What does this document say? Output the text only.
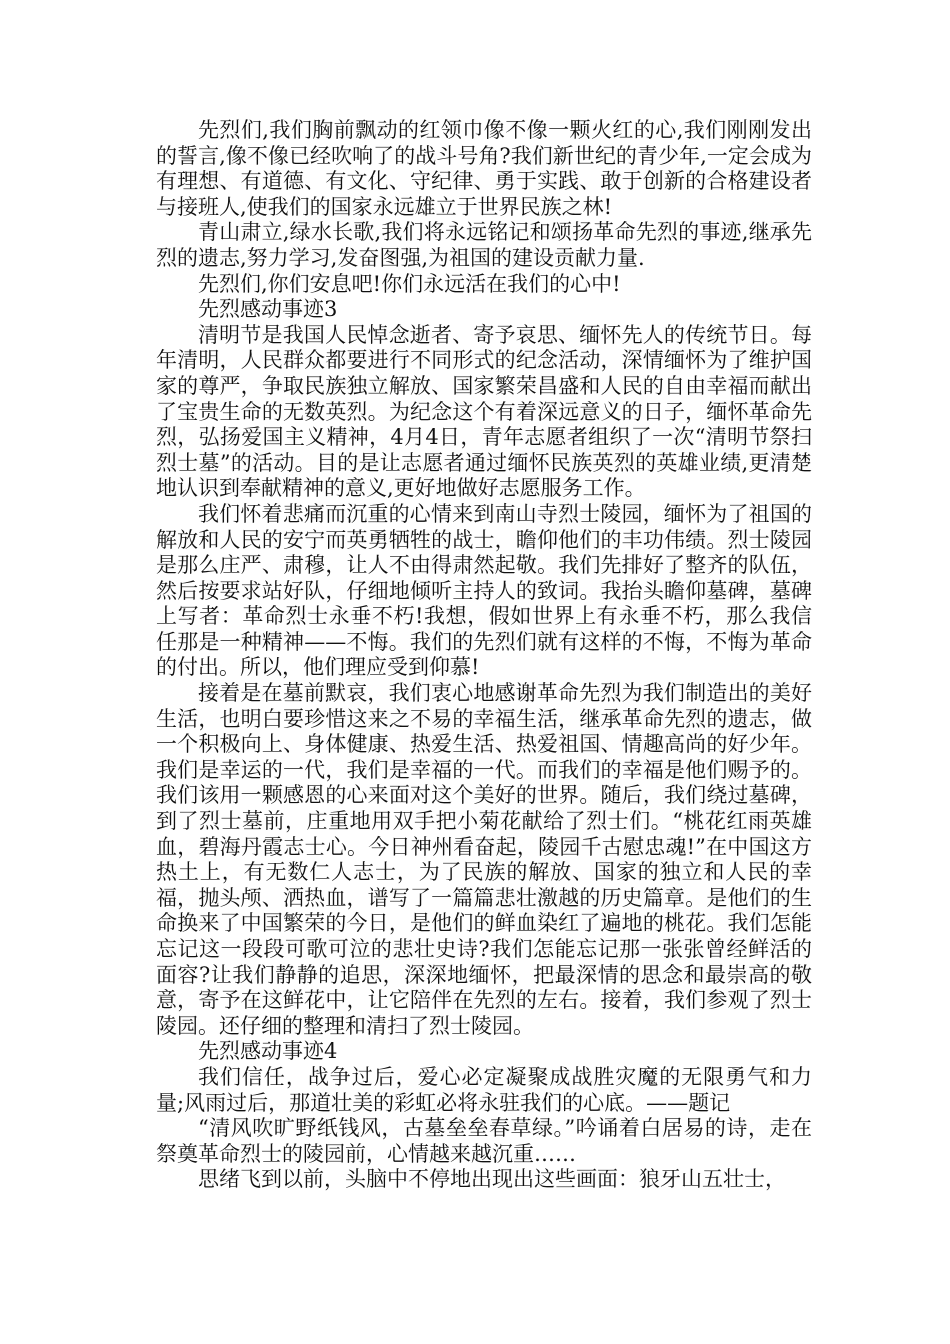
先烈们,我们胸前飘动的红领巾像不像一颗火红的心,我们刚刚发出的誓言,像不像已经吹响了的战斗号角?我们新世纪的青少年,一定会成为有理想、有道德、有文化、守纪律、勇于实践、敢于创新的合格建设者与接班人,使我们的国家永远雄立于世界民族之林!

青山肃立,绿水长歌,我们将永远铭记和颂扬革命先烈的事迹,继承先烈的遗志,努力学习,发奋图强,为祖国的建设贡献力量.

先烈们,你们安息吧!你们永远活在我们的心中!

先烈感动事迹3

清明节是我国人民悼念逝者、寄予哀思、缅怀先人的传统节日。每年清明，人民群众都要进行不同形式的纪念活动，深情缅怀为了维护国家的尊严，争取民族独立解放、国家繁荣昌盛和人民的自由幸福而献出了宝贵生命的无数英烈。为纪念这个有着深远意义的日子，缅怀革命先烈，弘扬爱国主义精神，4月4日，青年志愿者组织了一次“清明节祭扫烈士墓”的活动。目的是让志愿者通过缅怀民族英烈的英雄业绩,更清楚地认识到奉献精神的意义,更好地做好志愿服务工作。

我们怀着悲痛而沉重的心情来到南山寺烈士陵园，缅怀为了祖国的解放和人民的安宁而英勇牺牲的战士，瞻仰他们的丰功伟绩。烈士陵园是那么庄严、肃穆，让人不由得肃然起敬。我们先排好了整齐的队伍，然后按要求站好队，仔细地倾听主持人的致词。我抬头瞻仰墓碑，墓碑上写者：革命烈士永垂不朽!我想，假如世界上有永垂不朽，那么我信任那是一种精神——不悔。我们的先烈们就有这样的不悔，不悔为革命的付出。所以，他们理应受到仰慕!

接着是在墓前默哀，我们衷心地感谢革命先烈为我们制造出的美好生活，也明白要珍惜这来之不易的幸福生活，继承革命先烈的遗志，做一个积极向上、身体健康、热爱生活、热爱祖国、情趣高尚的好少年。我们是幸运的一代，我们是幸福的一代。而我们的幸福是他们赐予的。我们该用一颗感恩的心来面对这个美好的世界。随后，我们绕过墓碑，到了烈士墓前，庄重地用双手把小菊花献给了烈士们。“桃花红雨英雄血，碧海丹霞志士心。今日神州看奋起，陵园千古慰忠魂!”在中国这方热土上，有无数仁人志士，为了民族的解放、国家的独立和人民的幸福，抛头颅、洒热血，谱写了一篇篇悲壮激越的历史篇章。是他们的生命换来了中国繁荣的今日，是他们的鲜血染红了遍地的桃花。我们怎能忘记这一段段可歌可泣的悲壮史诗?我们怎能忘记那一张张曾经鲜活的面容?让我们静静的追思，深深地缅怀，把最深情的思念和最崇高的敬意，寄予在这鲜花中，让它陪伴在先烈的左右。接着，我们参观了烈士陵园。还仔细的整理和清扫了烈士陵园。

先烈感动事迹4

我们信任，战争过后，爱心必定凝聚成战胜灾魔的无限勇气和力量;风雨过后，那道壮美的彩虹必将永驻我们的心底。——题记

“清风吹旷野纸钱风，古墓垒垒春草绿。”吟诵着白居易的诗，走在祭奠革命烈士的陵园前，心情越来越沉重……

思绪飞到以前，头脑中不停地出现出这些画面：狼牙山五壮士，
